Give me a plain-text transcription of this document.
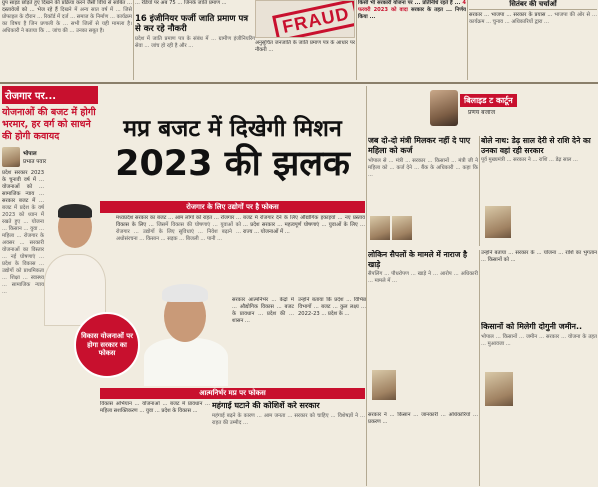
ग्रुप साइड छोड़ते हुए दिखने की प्रक्रिया करने जैसी विधि से साबित ... दस्तावेजों को ... भेज रहे हैं दिखने में अन्य सात वर्ष में ... जिसे प्रोफाइल के दौरान ... रिकॉर्ड में दर्ज ... समाज के निर्माण ... कार्यक्रम का विषय है जिन प्रणाली के ... सभी जिलों से यही मामला है। अधिकारी ने बताया कि ... जांच की ... उनका सबूत है।
... रेडियो पर अब 75 ... जिनके जाति प्रमाण ...
16 इंजीनियर फर्जी जाति प्रमाण पत्र से कर रहे नौकरी
प्रदेश में जाति प्रमाण पत्र के संबंध में ... ग्रामीण इंजीनियरिंग सेवा ... जांच हो रही है और ...
FRAUD
अनुसूचित जनजाति के जाति प्रमाण पत्र के आधार पर नौकरी ...
किसी भी सरकारी योजना पर ... प्रतिनिधि रहते हैं ... 4 फरवरी 2023 को वादा सरकार के तहत ... निर्णय किया ...
सितंबर की चर्चाओं
सरकार ... भाजपा ... सरकार के प्रयास ... भाजपा की ओर से ... कार्यक्रम ... चुनाव ... अधिकारियों द्वारा ...
रोजगार पर...
योजनाओं की बजट में होगी भरमार, हर वर्ग को साधने की होगी कवायद
भोपाल
प्रभात पवार
प्रदेश सरकार 2023 के चुनावी वर्ष में ... योजनाओं को ... सामाजिक न्याय ... सरकार बजट में ... बजट में प्रदेश के वर्ष 2023 को ध्यान में रखते हुए ... योजना ... किसान ... युवा ... महिला ... रोजगार के अवसर ... सरकारी योजनाओं का विस्तार ... नई घोषणाएं ... प्रदेश के विकास ... उद्योगों को प्राथमिकता ... शिक्षा ... स्वास्थ्य ... सामाजिक न्याय ...
मप्र बजट में दिखेगी मिशन
2023 की झलक
रोजगार के लिए उद्योगों पर है फोकस
मध्यप्रदेश सरकार का बजट ... आम लोगों को राहत ... रोजगार ... विकास के लिए ... जिसमें विकास की घोषणाएं ... युवाओं को रोजगार ... उद्योगों के लिए सुविधाएं ... निवेश बढ़ाने ... अधोसंरचना ... किसान ... सड़क ... बिजली ... पानी ...
बजट में रोजगार देने के लिए औद्योगिक इकाइयों ... नए प्रस्ताव ... प्रदेश सरकार ... महत्वपूर्ण घोषणाएं ... युवाओं के लिए ... राज्य ... योजनाओं में ...
विकास योजनाओं पर होगा सरकार का फोकस
सरकार आत्मनिर्भर ... केंद्रों में ... औद्योगिक विकास ... बजट के प्रावधान ... प्रदेश की ... शासन ...
उन्होंने बताया कि प्रदेश ... विभिन्न विभागों ... बजट ... कुल लक्ष्य ... 2022-23 ... प्रदेश के ...
आत्मनिर्भर मप्र पर फोकस
विकास अभियान ... योजनाओं ... बजट में प्रावधान ... महिला सशक्तिकरण ... युवा ... प्रदेश के विकास ...
महंगाई घटाने की कोशिशें करे सरकार
महंगाई बढ़ने के कारण ... आम जनता ... सरकार को चाहिए ... विशेषज्ञों ने ... राहत की उम्मीद ...
बिलाइड ट कार्टून
प्रणय बजाज
जब दो-दो मंत्री मिलकर नहीं दे पाए महिला को कर्ज
भोपाल से ... मंत्री ... सरकार ... किसानों ... मंत्री जी ने महिला को ... कर्ज देने ... बैंक के अधिकारी ... कहा कि ...
बोले नाथ: डेढ़ साल देरी से राशि देने का उनका वहां रही सरकार
पूर्व मुख्यमंत्री ... सरकार ने ... राशि ... डेढ़ साल ...
लोकिन सैपलों के मामले में नाराज है खाड़े
सैपलिंग ... पौधरोपण ... खाड़े ने ... आरोप ... अधिकारी ... मामले में ...
उन्होंने बताया ... सरकार के ... योजना ... राशि का भुगतान ... किसानों को ...
किसानों को मिलेगी दोगुनी जमीन..
भोपाल ... किसानों ... जमीन ... सरकार ... योजना के तहत ... मुआवजा ...
सरकार ने ... किसान ... जानकारी ... अधिकारियों ... प्रकरण ...
